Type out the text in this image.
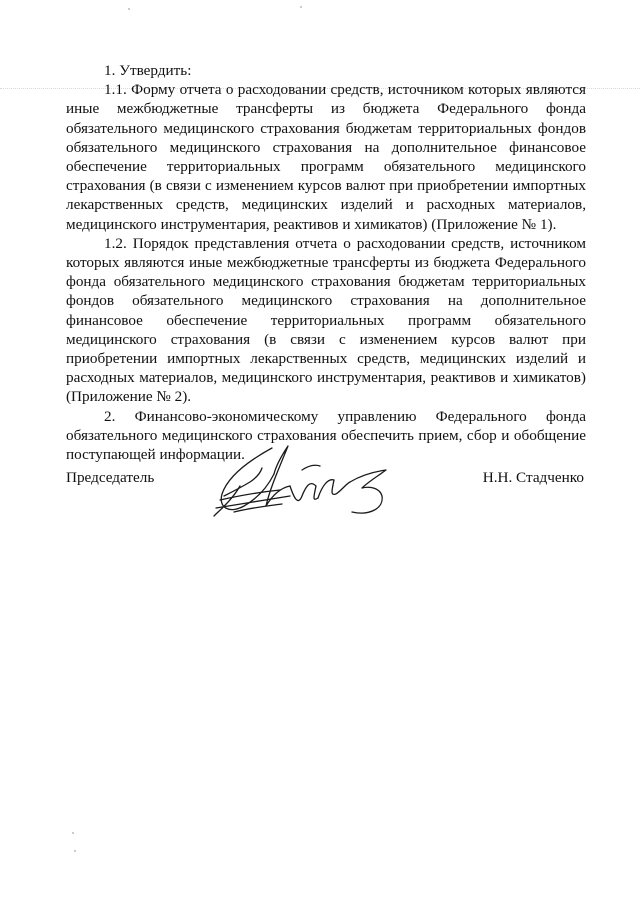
1. Утвердить:

1.1. Форму отчета о расходовании средств, источником которых являются иные межбюджетные трансферты из бюджета Федерального фонда обязательного медицинского страхования бюджетам территориальных фондов обязательного медицинского страхования на дополнительное финансовое обеспечение территориальных программ обязательного медицинского страхования (в связи с изменением курсов валют при приобретении импортных лекарственных средств, медицинских изделий и расходных материалов, медицинского инструментария, реактивов и химикатов) (Приложение № 1).

1.2. Порядок представления отчета о расходовании средств, источником которых являются иные межбюджетные трансферты из бюджета Федерального фонда обязательного медицинского страхования бюджетам территориальных фондов обязательного медицинского страхования на дополнительное финансовое обеспечение территориальных программ обязательного медицинского страхования (в связи с изменением курсов валют при приобретении импортных лекарственных средств, медицинских изделий и расходных материалов, медицинского инструментария, реактивов и химикатов) (Приложение № 2).

2. Финансово-экономическому управлению Федерального фонда обязательного медицинского страхования обеспечить прием, сбор и обобщение поступающей информации.

Председатель	Н.Н. Стадченко
